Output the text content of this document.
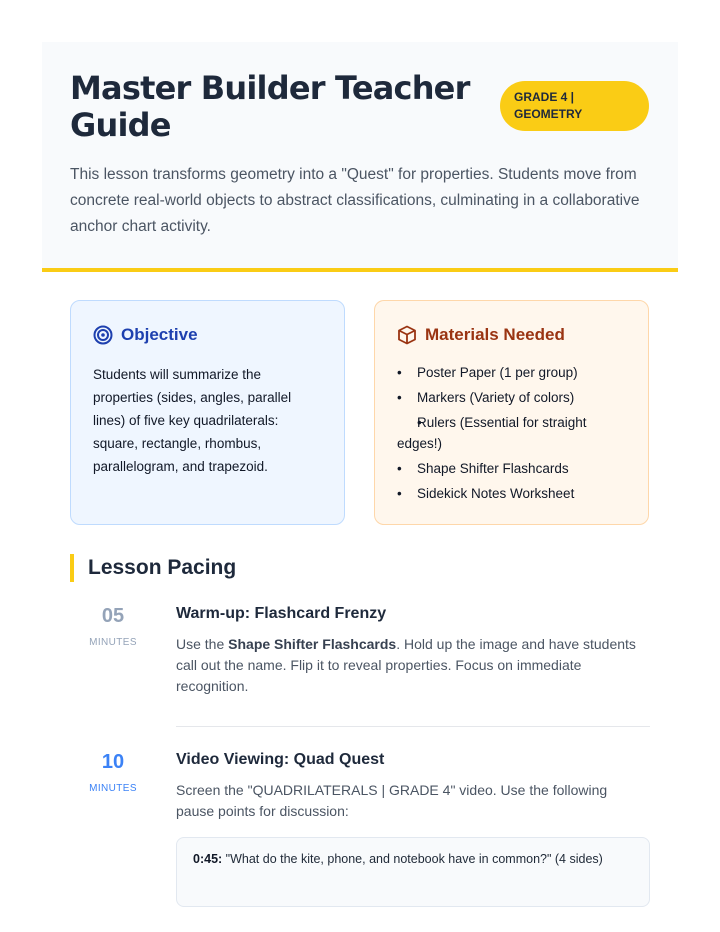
Master Builder Teacher Guide
GRADE 4 | GEOMETRY

This lesson transforms geometry into a "Quest" for properties. Students move from concrete real-world objects to abstract classifications, culminating in a collaborative anchor chart activity.

Objective

Students will summarize the properties (sides, angles, parallel lines) of five key quadrilaterals: square, rectangle, rhombus, parallelogram, and trapezoid.

Materials Needed
• Poster Paper (1 per group)
• Markers (Variety of colors)
• Rulers (Essential for straight edges!)
• Shape Shifter Flashcards
• Sidekick Notes Worksheet
Lesson Pacing
05
MINUTES
Warm-up: Flashcard Frenzy

Use the Shape Shifter Flashcards. Hold up the image and have students call out the name. Flip it to reveal properties. Focus on immediate recognition.

10
MINUTES
Video Viewing: Quad Quest

Screen the "QUADRILATERALS | GRADE 4" video. Use the following pause points for discussion:

0:45: "What do the kite, phone, and notebook have in common?" (4 sides)
